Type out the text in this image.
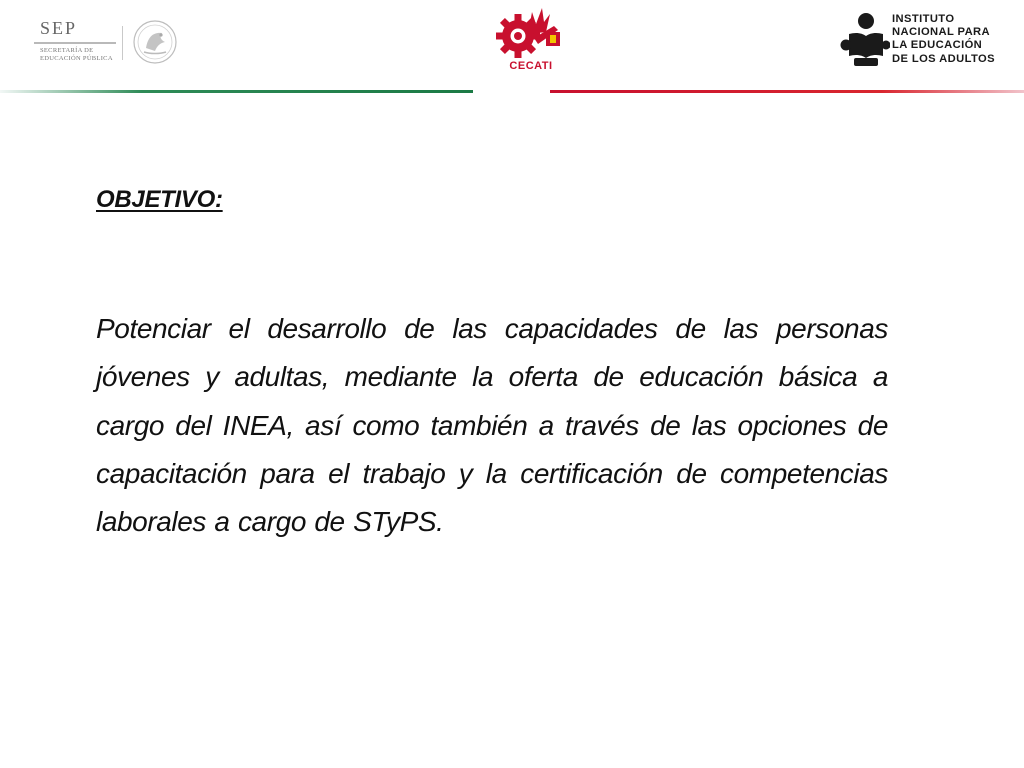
SEP
SECRETARÍA DE
EDUCACIÓN PÚBLICA
CECATI
INSTITUTO
NACIONAL PARA
LA EDUCACIÓN
DE LOS ADULTOS
OBJETIVO:
Potenciar el desarrollo de las capacidades de las personas jóvenes y adultas, mediante la oferta de educación básica a cargo del INEA, así como también a través de las opciones de capacitación para el trabajo y la certificación de competencias laborales a cargo de STyPS.
